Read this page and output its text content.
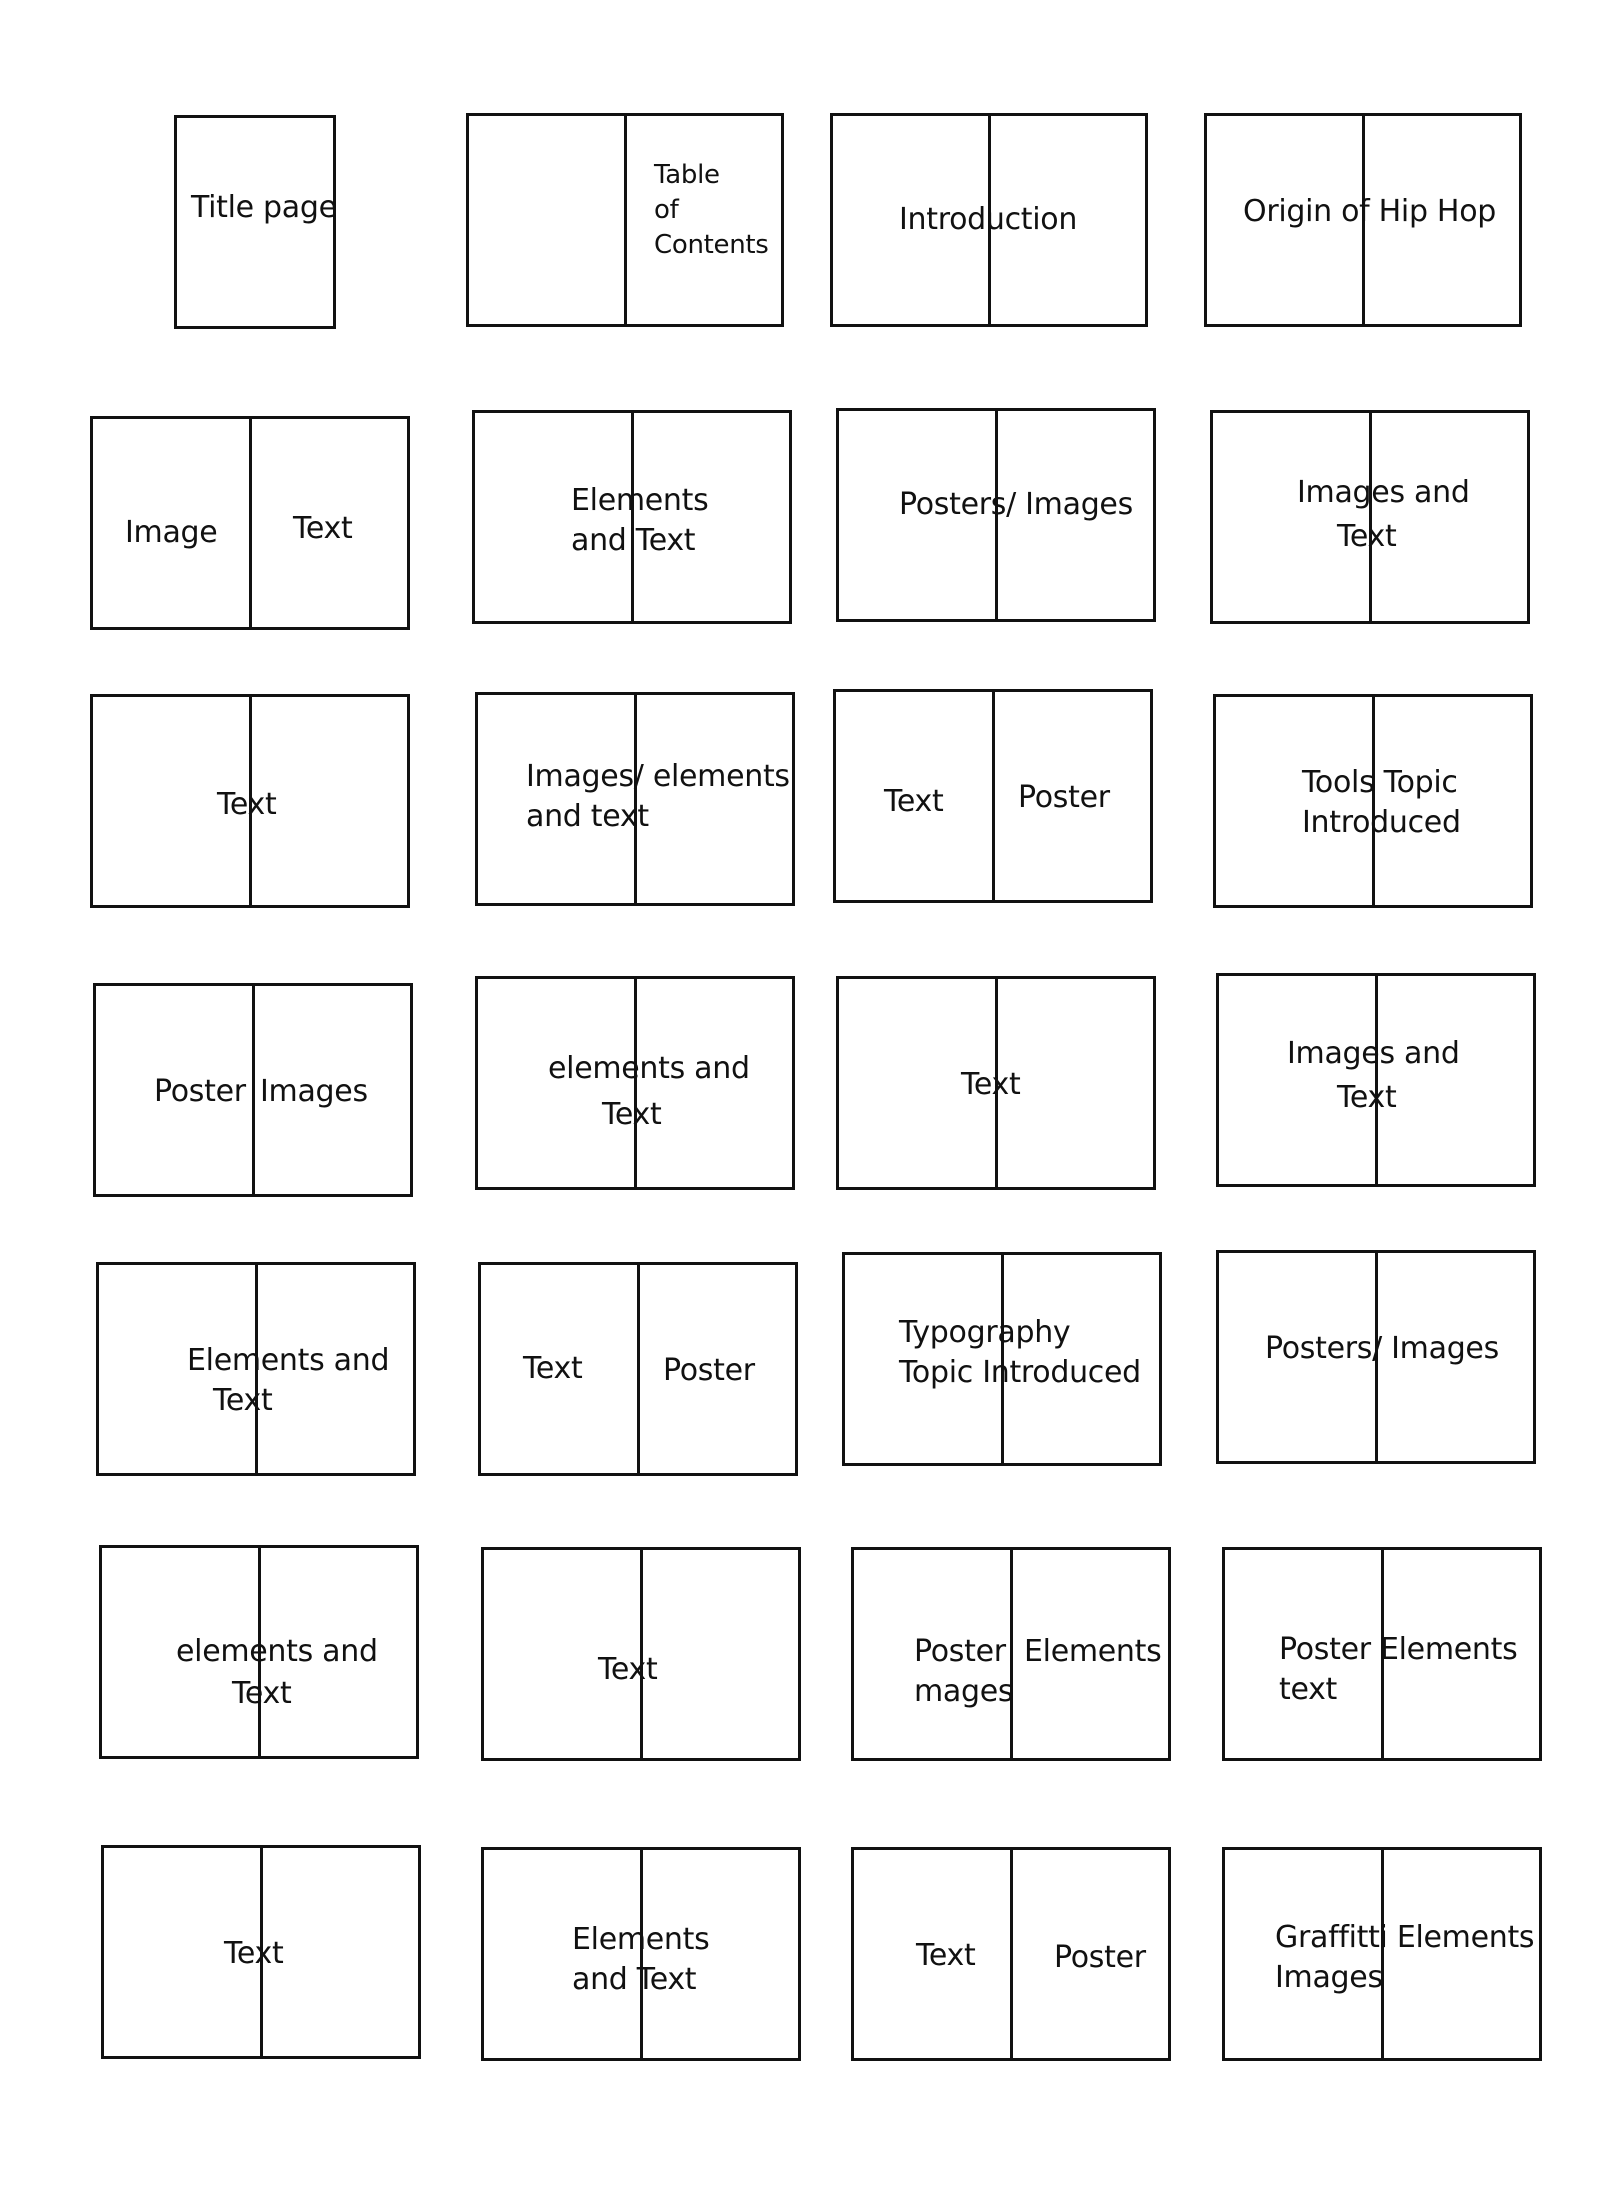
Title page
Table
of
Contents
Introduction	Origin of Hip Hop
Image	Text
Elements
and Text
Posters/ Images	Images and
Text
Text
Images/ elements
and text	Text Poster	Tools Topic
Introduced
Poster Images
elements and
Text
Text
Images and
Text
Elements and
Text
Text	Poster
Typography
Topic Introduced
Posters/ Images
elements and
Text
Text
Poster
mages
Elements	Poster Elements
text
Text	Elements
and Text
Text	Poster
Graffitti Elements
Images
